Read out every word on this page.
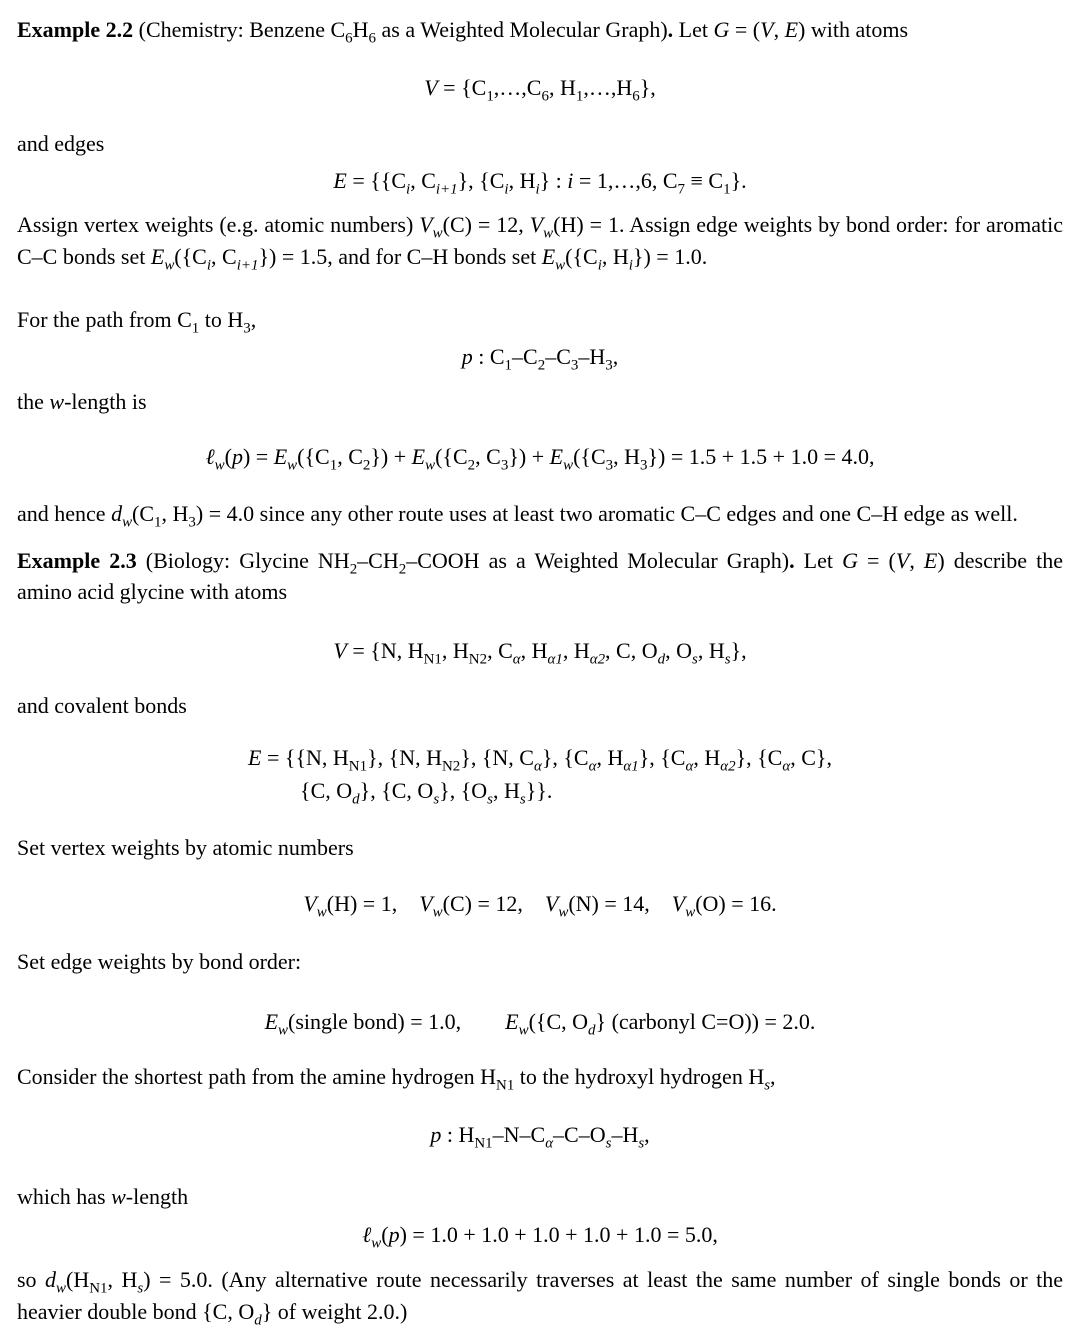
Example 2.2 (Chemistry: Benzene $C_6H_6$ as a Weighted Molecular Graph). Let G = (V, E) with atoms

$V = \{C_1,\dots,C_6$, $H_1,\dots,H_6$},

and edges

$E = \{\{C_i$, $C_{i+1}$}, {$C_i$, $H_i$} : i = 1,…,6, $C_7 \equiv C_1$}.

Assign vertex weights (e.g. atomic numbers) $V_w(C) = 12$, $V_w(H) = 1$. Assign edge weights by bond order: for aromatic C–C bonds set $E_w(\{C_i$, $C_{i+1}\}) = 1.5$, and for C–H bonds set $E_w(\{C_i$, $H_i\}) = 1.0$.

For the path from $C_1$ to $H_3$,

p : $C_1-C_2-C_3-H_3$,

the w-length is

ℓ$_w$(p) = $E_w(\{C_1$, $C_2\}) + E_w(\{C_2$, $C_3\}) + E_w(\{C_3$, $H_3\}) = 1.5 + 1.5 + 1.0 = 4.0$,

and hence $d_w(C_1$, $H_3) = 4.0$ since any other route uses at least two aromatic C–C edges and one C–H edge as well.

Example 2.3 (Biology: Glycine $NH_2-CH_2$–COOH as a Weighted Molecular Graph). Let G = (V, E) describe the amino acid glycine with atoms

V = {N, $H_{N1}$, $H_{N2}$, $C_\alpha$, $H_{\alpha 1}$, $H_{\alpha 2}$, C, $O_d$, $O_s$, $H_s$},

and covalent bonds

E = {{N, $H_{N1}$}, {N, $H_{N2}$}, {N, $C_\alpha$}, {$C_\alpha$, $H_{\alpha 1}$}, {$C_\alpha$, $H_{\alpha 2}$}, {$C_\alpha$, C},
{C, $O_d$}, {C, $O_s$}, {$O_s$, $H_s$}}.

Set vertex weights by atomic numbers

$V_w(H) = 1$, $V_w(C) = 12$, $V_w(N) = 14$, $V_w(O) = 16$.

Set edge weights by bond order:

$E_w(single$ bond) = 1.0,  $E_w(\{C$, $O_d$} (carbonyl C=O)) = 2.0.

Consider the shortest path from the amine hydrogen $H_{N1}$ to the hydroxyl hydrogen $H_s$,

p : $H_{N1}-N-C_\alpha-C-O_s-H_s$,

which has w-length

ℓ$_w$(p) = 1.0 + 1.0 + 1.0 + 1.0 + 1.0 = 5.0,

so $d_w(H_{N1}$, $H_s) = 5.0$. (Any alternative route necessarily traverses at least the same number of single bonds or the heavier double bond {C, $O_d$} of weight 2.0.)
